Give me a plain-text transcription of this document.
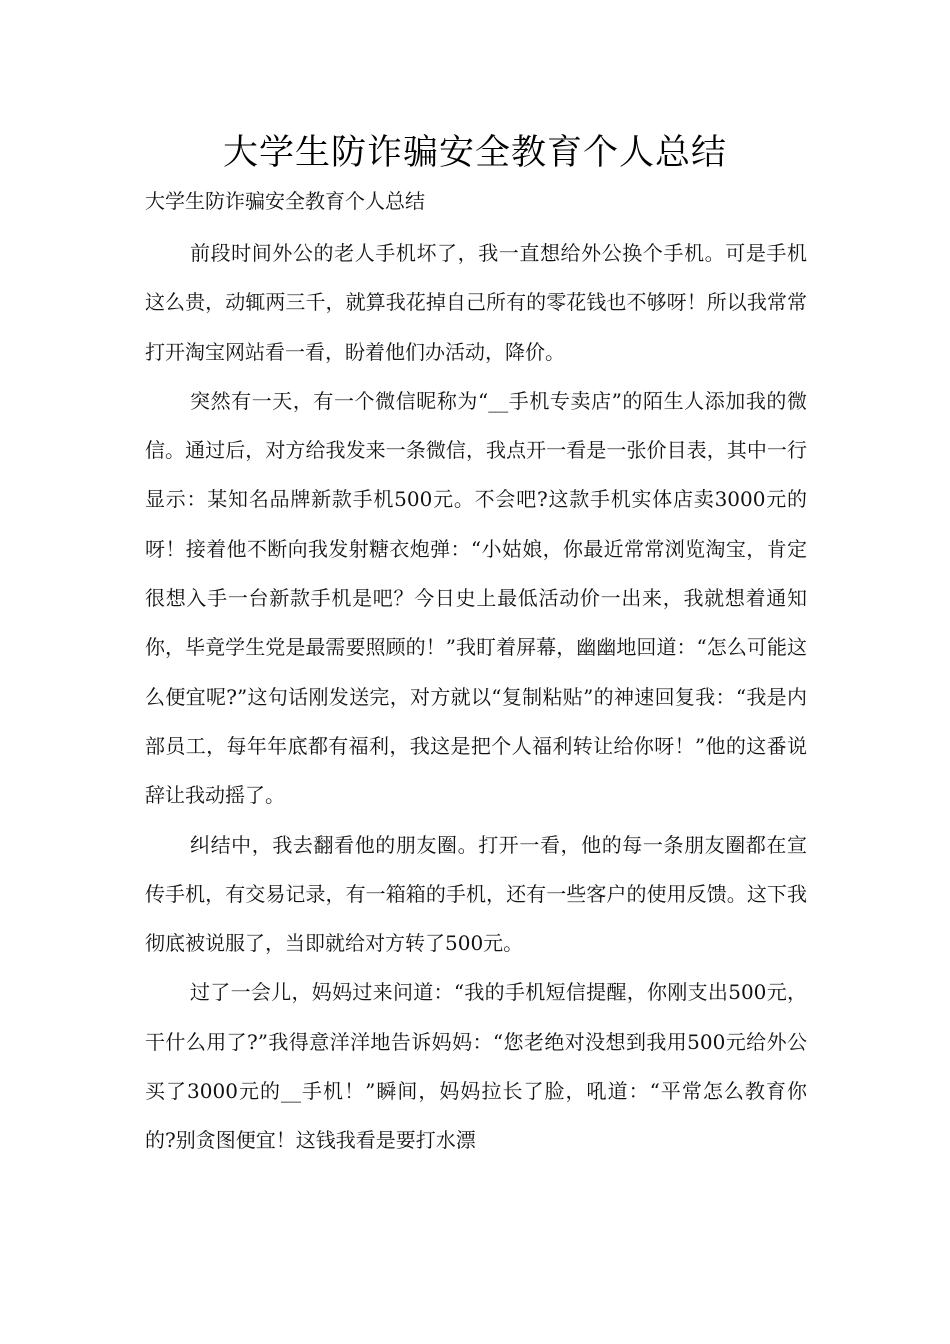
大学生防诈骗安全教育个人总结

大学生防诈骗安全教育个人总结

前段时间外公的老人手机坏了，我一直想给外公换个手机。可是手机这么贵，动辄两三千，就算我花掉自己所有的零花钱也不够呀！所以我常常打开淘宝网站看一看，盼着他们办活动，降价。

突然有一天，有一个微信昵称为“__手机专卖店”的陌生人添加我的微信。通过后，对方给我发来一条微信，我点开一看是一张价目表，其中一行显示：某知名品牌新款手机500元。不会吧?这款手机实体店卖3000元的呀！接着他不断向我发射糖衣炮弹：“小姑娘，你最近常常浏览淘宝，肯定很想入手一台新款手机是吧？今日史上最低活动价一出来，我就想着通知你，毕竟学生党是最需要照顾的！”我盯着屏幕，幽幽地回道：“怎么可能这么便宜呢?”这句话刚发送完，对方就以“复制粘贴”的神速回复我：“我是内部员工，每年年底都有福利，我这是把个人福利转让给你呀！”他的这番说辞让我动摇了。

纠结中，我去翻看他的朋友圈。打开一看，他的每一条朋友圈都在宣传手机，有交易记录，有一箱箱的手机，还有一些客户的使用反馈。这下我彻底被说服了，当即就给对方转了500元。

过了一会儿，妈妈过来问道：“我的手机短信提醒，你刚支出500元，干什么用了?”我得意洋洋地告诉妈妈：“您老绝对没想到我用500元给外公买了3000元的__手机！”瞬间，妈妈拉长了脸，吼道：“平常怎么教育你的?别贪图便宜！这钱我看是要打水漂
